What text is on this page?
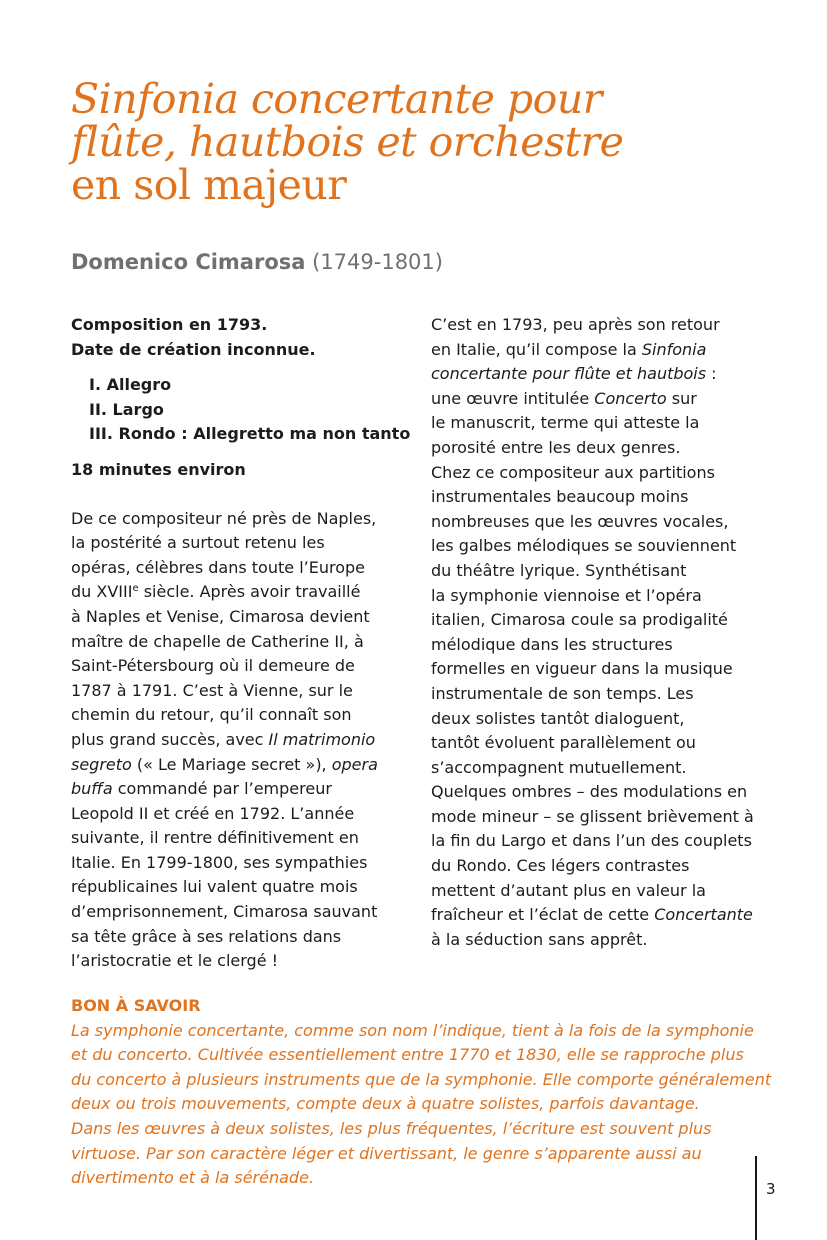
Sinfonia concertante pour
flûte, hautbois et orchestre
en sol majeur
Domenico Cimarosa (1749-1801)
Composition en 1793.
Date de création inconnue.
I. Allegro
II. Largo
III. Rondo : Allegretto ma non tanto
18 minutes environ
De ce compositeur né près de Naples,
la postérité a surtout retenu les
opéras, célèbres dans toute l’Europe
du XVIIIe siècle. Après avoir travaillé
à Naples et Venise, Cimarosa devient
maître de chapelle de Catherine II, à
Saint-Pétersbourg où il demeure de
1787 à 1791. C’est à Vienne, sur le
chemin du retour, qu’il connaît son
plus grand succès, avec Il matrimonio
segreto (« Le Mariage secret »), opera
buffa commandé par l’empereur
Leopold II et créé en 1792. L’année
suivante, il rentre définitivement en
Italie. En 1799-1800, ses sympathies
républicaines lui valent quatre mois
d’emprisonnement, Cimarosa sauvant
sa tête grâce à ses relations dans
l’aristocratie et le clergé !
C’est en 1793, peu après son retour
en Italie, qu’il compose la Sinfonia
concertante pour flûte et hautbois :
une œuvre intitulée Concerto sur
le manuscrit, terme qui atteste la
porosité entre les deux genres.
Chez ce compositeur aux partitions
instrumentales beaucoup moins
nombreuses que les œuvres vocales,
les galbes mélodiques se souviennent
du théâtre lyrique. Synthétisant
la symphonie viennoise et l’opéra
italien, Cimarosa coule sa prodigalité
mélodique dans les structures
formelles en vigueur dans la musique
instrumentale de son temps. Les
deux solistes tantôt dialoguent,
tantôt évoluent parallèlement ou
s’accompagnent mutuellement.
Quelques ombres – des modulations en
mode mineur – se glissent brièvement à
la fin du Largo et dans l’un des couplets
du Rondo. Ces légers contrastes
mettent d’autant plus en valeur la
fraîcheur et l’éclat de cette Concertante
à la séduction sans apprêt.
BON À SAVOIR
La symphonie concertante, comme son nom l’indique, tient à la fois de la symphonie
et du concerto. Cultivée essentiellement entre 1770 et 1830, elle se rapproche plus
du concerto à plusieurs instruments que de la symphonie. Elle comporte généralement
deux ou trois mouvements, compte deux à quatre solistes, parfois davantage.
Dans les œuvres à deux solistes, les plus fréquentes, l’écriture est souvent plus
virtuose. Par son caractère léger et divertissant, le genre s’apparente aussi au
divertimento et à la sérénade.
3
